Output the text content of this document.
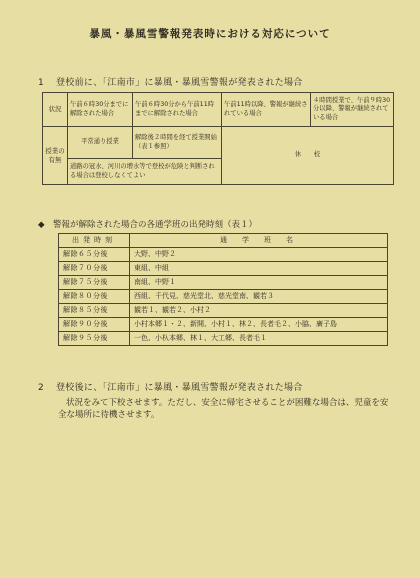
暴風・暴風雪警報発表時における対応について
1 登校前に、「江南市」に暴風・暴風雪警報が発表された場合
状況	午前６時30分までに解除された場合	午前６時30分から午前11時までに解除された場合	午前11時以降、警報が継続されている場合	４時間授業で、午前９時30分以降、警報が継続されている場合
授業の有無	平常通り授業	解除後２時間を経て授業開始（表１参照）	休　　校	
	道路の冠水、河川の増水等で登校が危険と判断される場合は登校しなくてよい			
◆　警報が解除された場合の各通学班の出発時刻（表１）
出発時刻	通　学　班　名
解除６５分後	大野、中野２
解除７０分後	東組、中組
解除７５分後	南組、中野１
解除８０分後	西組、千代見、慈光堂北、慈光堂南、観若３
解除８５分後	観若１、観若２、小村２
解除９０分後	小村本郷１・２、新開、小村１、林２、長者毛２、小脇、廣子島
解除９５分後	一色、小杁本郷、林１、大工郷、長者毛１
2 登校後に、「江南市」に暴風・暴風雪警報が発表された場合
状況をみて下校させます。ただし、安全に帰宅させることが困難な場合は、児童を安全な場所に待機させます。
